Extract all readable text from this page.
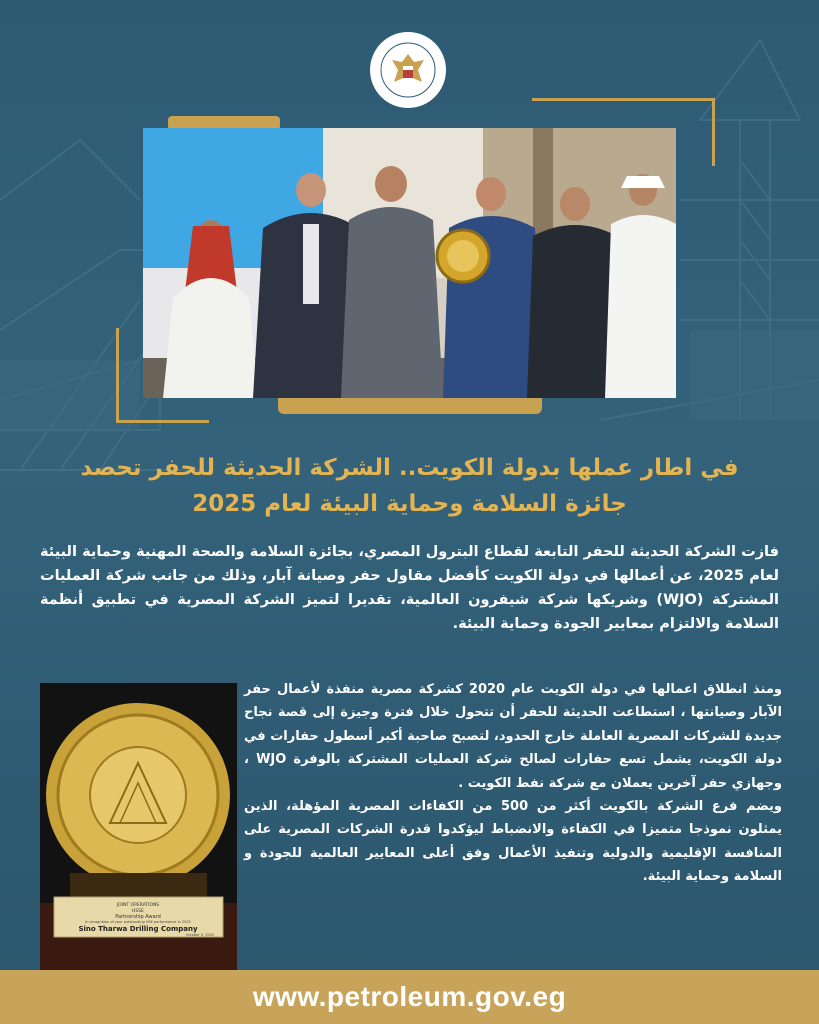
في اطار عملها بدولة الكويت.. الشركة الحديثة للحفر تحصد
جائزة السلامة وحماية البيئة لعام 2025
فازت الشركة الحديثة للحفر التابعة لقطاع البترول المصري، بجائزة السلامة والصحة المهنية وحماية البيئة لعام 2025، عن أعمالها في دولة الكويت كأفضل مقاول حفر وصيانة آبار، وذلك من جانب شركة العمليات المشتركة (WJO) وشريكها شركة شيفرون العالمية، تقديرا لتميز الشركة المصرية في تطبيق أنظمة السلامة والالتزام بمعايير الجودة وحماية البيئة.

ومنذ انطلاق اعمالها في دولة الكويت عام 2020 كشركة مصرية منفذة لأعمال حفر الآبار وصيانتها ، استطاعت الحديثة للحفر أن تتحول خلال فترة وجيزة إلى قصة نجاح جديدة للشركات المصرية العاملة خارج الحدود، لتصبح صاحبة أكبر أسطول حفارات في دولة الكويت، يشمل تسع حفارات لصالح شركة العمليات المشتركة بالوفرة WJO ، وجهازي حفر آخرين يعملان مع شركة نفط الكويت .

ويضم فرع الشركة بالكويت أكثر من 500 من الكفاءات المصرية المؤهلة، الذين يمثلون نموذجا متميزا في الكفاءة والانضباط ليؤكدوا قدرة الشركات المصرية على المنافسة الإقليمية والدولية وتنفيذ الأعمال وفق أعلى المعايير العالمية للجودة و السلامة وحماية البيئة.

JOINT OPERATIONS
HSSE
Partnership Award
In recognition of your outstanding HSE performance in 2025
Sino Tharwa Drilling Company
October 9, 2025
www.petroleum.gov.eg
